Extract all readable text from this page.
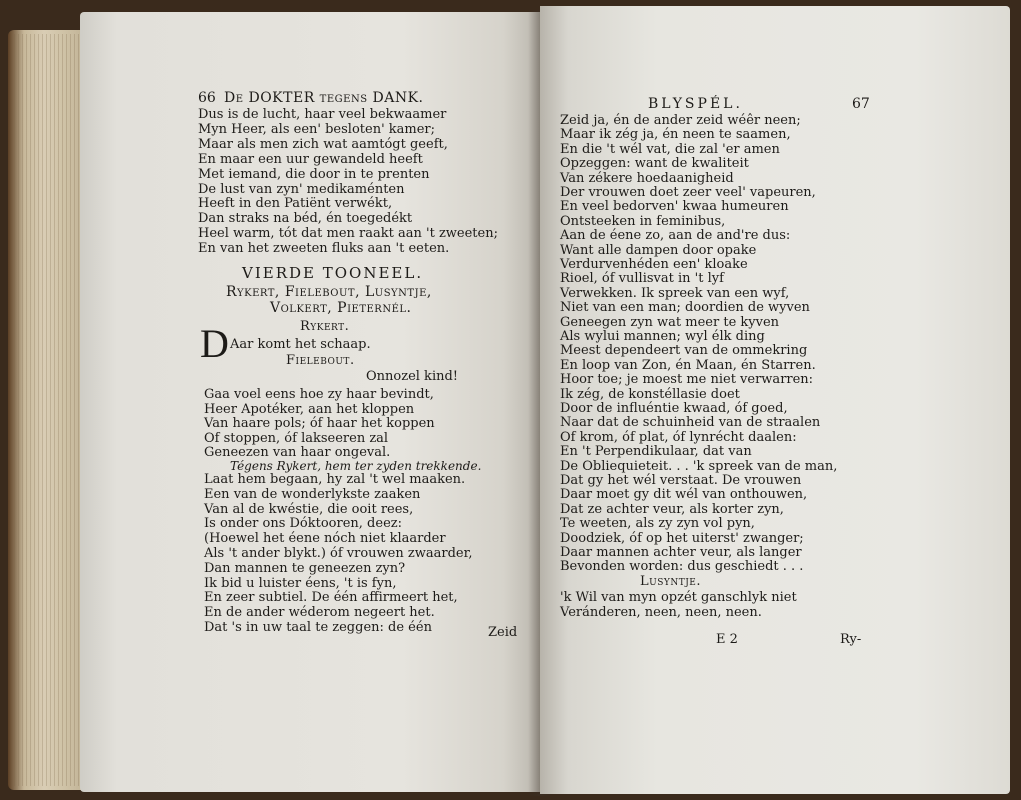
66 De DOKTER tegens DANK.
Dus is de lucht, haar veel bekwaamer
Myn Heer, als een' besloten' kamer;
Maar als men zich wat aamtógt geeft,
En maar een uur gewandeld heeft
Met iemand, die door in te prenten
De lust van zyn' medikaménten
Heeft in den Patiënt verwékt,
Dan straks na béd, én toegedékt
Heel warm, tót dat men raakt aan 't zweeten;
En van het zweeten fluks aan 't eeten.
VIERDE TOONEEL.
Rykert, Fielebout, Lusyntje,
Volkert, Pieternél.
Rykert.
D Aar komt het schaap.
Fielebout.
Onnozel kind!
Gaa voel eens hoe zy haar bevindt,
Heer Apotéker, aan het kloppen
Van haare pols; óf haar het koppen
Of stoppen, óf lakseeren zal
Geneezen van haar ongeval.
Tégens Rykert, hem ter zyden trekkende.
Laat hem begaan, hy zal 't wel maaken.
Een van de wonderlykste zaaken
Van al de kwéstie, die ooit rees,
Is onder ons Dóktooren, deez:
(Hoewel het éene nóch niet klaarder
Als 't ander blykt.) óf vrouwen zwaarder,
Dan mannen te geneezen zyn?
Ik bid u luister éens, 't is fyn,
En zeer subtiel. De één affirmeert het,
En de ander wéderom negeert het.
Dat 's in uw taal te zeggen: de één	Zeid
BLYSPÉL.	67
Zeid ja, én de ander zeid wéêr neen;
Maar ik zég ja, én neen te saamen,
En die 't wél vat, die zal 'er amen
Opzeggen: want de kwaliteit
Van zékere hoedaanigheid
Der vrouwen doet zeer veel' vapeuren,
En veel bedorven' kwaa humeuren
Ontsteeken in feminibus,
Aan de éene zo, aan de and're dus:
Want alle dampen door opake
Verdurvenhéden een' kloake
Rioel, óf vullisvat in 't lyf
Verwekken. Ik spreek van een wyf,
Niet van een man; doordien de wyven
Geneegen zyn wat meer te kyven
Als wylui mannen; wyl élk ding
Meest dependeert van de ommekring
En loop van Zon, én Maan, én Starren.
Hoor toe; je moest me niet verwarren:
Ik zég, de konstéllasie doet
Door de influéntie kwaad, óf goed,
Naar dat de schuinheid van de straalen
Of krom, óf plat, óf lynrécht daalen:
En 't Perpendikulaar, dat van
De Obliequieteit. . . 'k spreek van de man,
Dat gy het wél verstaat. De vrouwen
Daar moet gy dit wél van onthouwen,
Dat ze achter veur, als korter zyn,
Te weeten, als zy zyn vol pyn,
Doodziek, óf op het uiterst' zwanger;
Daar mannen achter veur, als langer
Bevonden worden: dus geschiedt . . .
Lusyntje.
'k Wil van myn opzét ganschlyk niet
Veránderen, neen, neen, neen.
E 2	Ry-
